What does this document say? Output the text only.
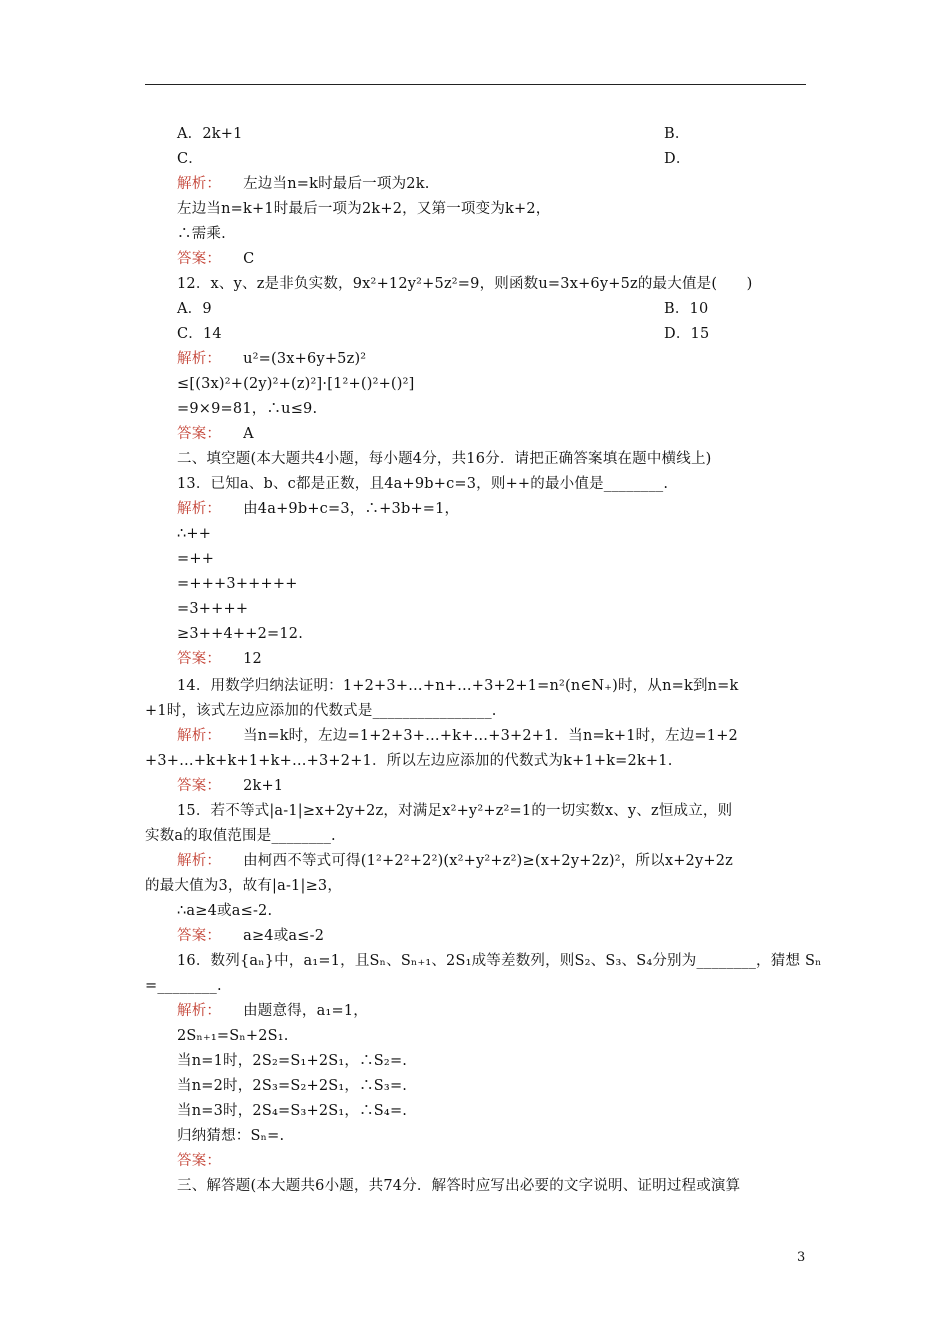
A．2k+1	B．
C．	D．
解析： 左边当n=k时最后一项为2k.
左边当n=k+1时最后一项为2k+2，又第一项变为k+2，
∴需乘.
答案： C
12．x、y、z是非负实数，9x²+12y²+5z²=9，则函数u=3x+6y+5z的最大值是(　　)
A．9	B．10
C．14	D．15
解析： u²=(3x+6y+5z)²
≤[(3x)²+(2y)²+(z)²]·[1²+()²+()²]
=9×9=81，∴u≤9.
答案： A
二、填空题(本大题共4小题，每小题4分，共16分．请把正确答案填在题中横线上)
13．已知a、b、c都是正数，且4a+9b+c=3，则++的最小值是________.
解析： 由4a+9b+c=3，∴+3b+=1，
∴++
=++
=+++3+++++
=3++++
≥3++4++2=12.
答案： 12
14．用数学归纳法证明：1+2+3+…+n+…+3+2+1=n²(n∈N₊)时，从n=k到n=k
+1时，该式左边应添加的代数式是________________.
解析： 当n=k时，左边=1+2+3+…+k+…+3+2+1．当n=k+1时，左边=1+2
+3+…+k+k+1+k+…+3+2+1．所以左边应添加的代数式为k+1+k=2k+1.
答案： 2k+1
15．若不等式|a-1|≥x+2y+2z，对满足x²+y²+z²=1的一切实数x、y、z恒成立，则
实数a的取值范围是________.
解析： 由柯西不等式可得(1²+2²+2²)(x²+y²+z²)≥(x+2y+2z)²，所以x+2y+2z
的最大值为3，故有|a-1|≥3，
∴a≥4或a≤-2.
答案： a≥4或a≤-2
16．数列{aₙ}中，a₁=1，且Sₙ、Sₙ₊₁、2S₁成等差数列，则S₂、S₃、S₄分别为________，猜想 Sₙ
=________.
解析： 由题意得，a₁=1，
2Sₙ₊₁=Sₙ+2S₁.
当n=1时，2S₂=S₁+2S₁，∴S₂=.
当n=2时，2S₃=S₂+2S₁，∴S₃=.
当n=3时，2S₄=S₃+2S₁，∴S₄=.
归纳猜想：Sₙ=.
答案：
三、解答题(本大题共6小题，共74分．解答时应写出必要的文字说明、证明过程或演算
3
